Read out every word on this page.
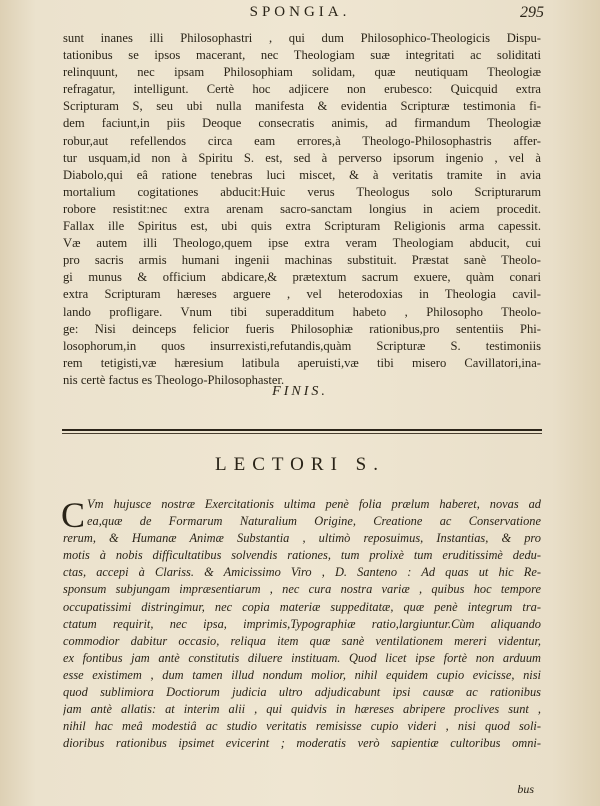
SPONGIA.	295
sunt inanes illi Philosophastri , qui dum Philosophico-Theologicis Dispu-
tationibus se ipsos macerant, nec Theologiam suæ integritati ac soliditati
relinquunt, nec ipsam Philosophiam solidam, quæ neutiquam Theologiæ
refragatur, intelligunt. Certè hoc adjicere non erubesco: Quicquid extra
Scripturam S, seu ubi nulla manifesta & evidentia Scripturæ testimonia fi-
dem faciunt,in piis Deoque consecratis animis, ad firmandum Theologiæ
robur,aut refellendos circa eam errores,à Theologo-Philosophastris affer-
tur usquam,id non à Spiritu S. est, sed à perverso ipsorum ingenio , vel à
Diabolo,qui eâ ratione tenebras luci miscet, & à veritatis tramite in avia
mortalium cogitationes abducit:Huic verus Theologus solo Scripturarum
robore resistit:nec extra arenam sacro-sanctam longius in aciem procedit.
Fallax ille Spiritus est, ubi quis extra Scripturam Religionis arma capessit.
Væ autem illi Theologo,quem ipse extra veram Theologiam abducit, cui
pro sacris armis humani ingenii machinas substituit. Præstat sanè Theolo-
gi munus & officium abdicare,& prætextum sacrum exuere, quàm conari
extra Scripturam hæreses arguere , vel heterodoxias in Theologia cavil-
lando profligare. Vnum tibi superadditum habeto , Philosopho Theolo-
ge: Nisi deinceps felicior fueris Philosophiæ rationibus,pro sententiis Phi-
losophorum,in quos insurrexisti,refutandis,quàm Scripturæ S. testimoniis
rem tetigisti,væ hæresium latibula aperuisti,væ tibi misero Cavillatori,ina-
nis certè factus es Theologo-Philosophaster.
FINIS.
LECTORI S.
C Vm hujusce nostræ Exercitationis ultima penè folia prælum haberet, novas ad
ea,quæ de Formarum Naturalium Origine, Creatione ac Conservatione
rerum, & Humanæ Animæ Substantia , ultimò reposuimus, Instantias, & pro
motis à nobis difficultatibus solvendis rationes, tum prolixè tum eruditissimè dedu-
ctas, accepi à Clariss. & Amicissimo Viro , D. Santeno : Ad quas ut hic Re-
sponsum subjungam impræsentiarum , nec cura nostra variæ , quibus hoc tempore
occupatissimi distringimur, nec copia materiæ suppeditatæ, quæ penè integrum tra-
ctatum requirit, nec ipsa, imprimis,Typographiæ ratio,largiuntur.Cùm aliquando
commodior dabitur occasio, reliqua item quæ sanè ventilationem mereri videntur,
ex fontibus jam antè constitutis diluere instituam. Quod licet ipse fortè non arduum
esse existimem , dum tamen illud nondum molior, nihil equidem cupio evicisse, nisi
quod sublimiora Doctiorum judicia ultro adjudicabunt ipsi causæ ac rationibus
jam antè allatis: at interim alii , qui quidvis in hæreses abripere proclives sunt ,
nihil hac meâ modestiâ ac studio veritatis remisisse cupio videri , nisi quod soli-
dioribus rationibus ipsimet evicerint ; moderatis verò sapientiæ cultoribus omni-
bus
